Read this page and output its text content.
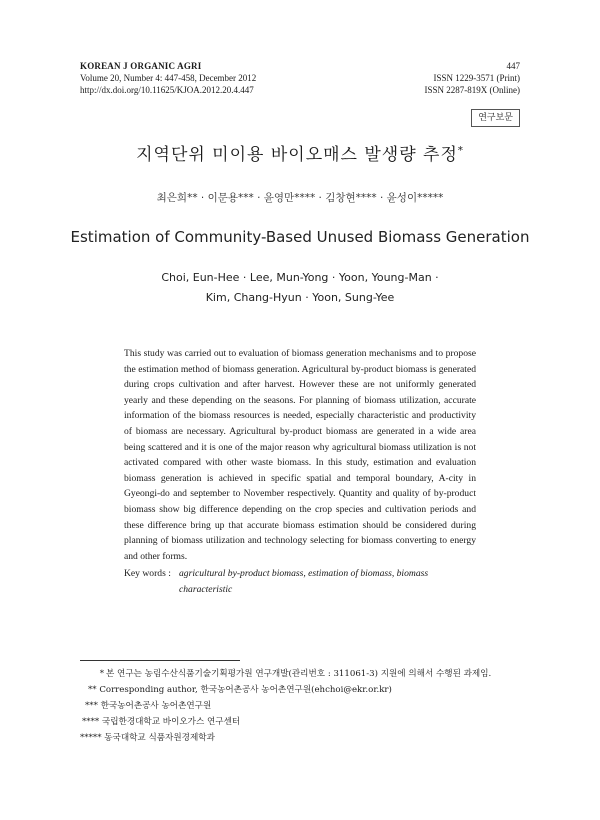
KOREAN J ORGANIC AGRI
Volume 20, Number 4: 447-458, December 2012
http://dx.doi.org/10.11625/KJOA.2012.20.4.447
447
ISSN 1229-3571 (Print)
ISSN 2287-819X (Online)
연구보문
지역단위 미이용 바이오매스 발생량 추정*
최은희** · 이문용*** · 윤영만**** · 김창현**** · 윤성이*****
Estimation of Community-Based Unused Biomass Generation
Choi, Eun-Hee · Lee, Mun-Yong · Yoon, Young-Man ·
Kim, Chang-Hyun · Yoon, Sung-Yee

This study was carried out to evaluation of biomass generation mechanisms and to propose the estimation method of biomass generation. Agricultural by-product biomass is generated during crops cultivation and after harvest. However these are not uniformly generated yearly and these depending on the seasons. For planning of biomass utilization, accurate information of the biomass resources is needed, especially characteristic and productivity of biomass are necessary. Agricultural by-product biomass are generated in a wide area being scattered and it is one of the major reason why agricultural biomass utilization is not activated compared with other waste biomass. In this study, estimation and evaluation biomass generation is achieved in specific spatial and temporal boundary, A-city in Gyeongi-do and september to November respectively. Quantity and quality of by-product biomass show big difference depending on the crop species and cultivation periods and these difference bring up that accurate biomass estimation should be considered during planning of biomass utilization and technology selecting for biomass converting to energy and other forms.

Key words : agricultural by-product biomass, estimation of biomass, biomass characteristic
* 본 연구는 농림수산식품기술기획평가원 연구개발(관리번호 : 311061-3) 지원에 의해서 수행된 과제임.
** Corresponding author, 한국농어촌공사 농어촌연구원(ehchoi@ekr.or.kr)
*** 한국농어촌공사 농어촌연구원
**** 국립한경대학교 바이오가스 연구센터
***** 동국대학교 식품자원경제학과
